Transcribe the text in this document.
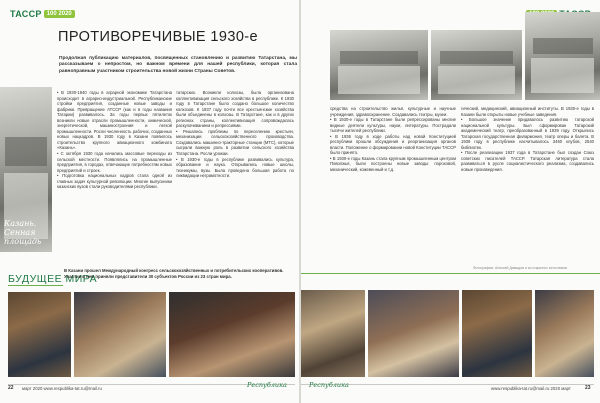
ТАССР 100 2020
ПРОТИВОРЕЧИВЫЕ 1930-е
Продолжая публикацию материалов, посвященных становлению и развитию Татарстана, мы рассказываем о непростом, но важном времени для нашей республики, которая стала равноправным участником строительства новой жизни Страны Советов.
Казань. Сенная площадь

• В 1930-1940 годы в аграрной экономике Татарстана происходит в аграрно-индустриальной. Республиканские стройки предприятия, созданные новые заводы и фабрики. Превращение АТССР (как и в годы названия Татарии) развивалось. За годы первых пятилеток возникли новые отрасли промышленности, химической, энергетической, машиностроения и легкой промышленности. Росли численность рабочих, созданных новых нацкадров. В 1930 году в Казани появилось строительство крупного авиационного комбината «Казань».

• С октября 1930 года начались массовые переходы из сельской местности. Появлялись на промышленные предприятия, в городах, отвечающие потребностям новых предприятий и строек.

• Подготовка национальных кадров стала одной из главных задач культурной революции. Многие выпускники казанских вузов стали руководителями республики.

татарских. Возникли колхозы, была организована коллективизация сельского хозяйства в республике. К 1930 году в Татарстане было создано большое количество колхозов. К 1937 году почти все крестьянские хозяйства были объединены в колхозы. В Татарстане, как и в других регионах страны, коллективизация сопровождалась раскулачиванием и репрессиями.

• Решались проблемы по переселению крестьян, механизации сельскохозяйственного производства. Создавались машинно-тракторные станции (МТС), которые сыграли важную роль в развитии сельского хозяйства Татарстана. Росли урожаи.

• В 1930-е годы в республике развивались культура, образование и наука. Открывались новые школы, техникумы, вузы. Была проведена большая работа по ликвидации неграмотности.

БУДУЩЕЕ МИРА
В Казани прошел Международный конгресс сельскохозяйственных и потребительских кооперативов. Участие в нем приняли представители 30 субъектов России из 23 стран мира.
22 март 2020 www.respublika-tat.ru@mail.ru	Республика

средства на строительство жилья, культурные и научные учреждения, здравоохранение. Создавались театры, музеи.

• В 1930-е годы в Татарстане были репрессированы многие видные деятели культуры, науки, литературы. Пострадали тысячи жителей республики.

• В 1936 году в ходе работы над новой Конституцией республики прошли обсуждения и реорганизация органов власти. Положение о формировании новой Конституции ТАССР было принято.

• В 1930-е годы Казань стала крупным промышленным центром Поволжья, были построены новые заводы: пороховой, механический, кожевенный и т.д.

гический, медицинский, авиационный институты. В 1930-е годы в Казани были открыты новые учебные заведения.

• Большое значение придавалось развитию татарской национальной культуры. Был сформирован Татарский академический театр, преобразованный в 1939 году. Открылись Татарская государственная филармония, театр оперы и балета. В 1939 году в республике насчитывалось 3460 клубов, 2540 библиотек.

• После реализации 1937 года в Татарстане был создан Союз советских писателей ТАССР. Татарская литература стала развиваться в русле социалистического реализма, создавались новые произведения.

Фотографии: Алексей Давыдов и из открытых источников
Республика	www.respublika-tat.ru@mail.ru 2020 март	23
